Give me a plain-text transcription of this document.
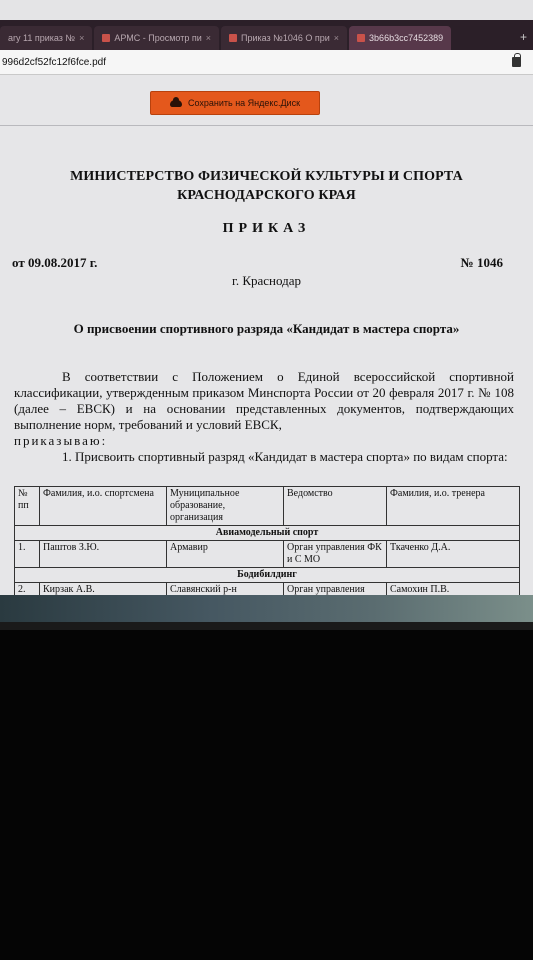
ary 11 приказ № ×	АРМС - Просмотр пи ×	Приказ №1046 О при ×	3b66b3cc7452389	+
996d2cf52fc12f6fce.pdf
Сохранить на Яндекс.Диск
МИНИСТЕРСТВО ФИЗИЧЕСКОЙ КУЛЬТУРЫ И СПОРТА
КРАСНОДАРСКОГО КРАЯ
ПРИКАЗ
от 09.08.2017 г.	№ 1046
г. Краснодар
О присвоении спортивного разряда «Кандидат в мастера спорта»

В соответствии с Положением о Единой всероссийской спортивной классификации, утвержденным приказом Минспорта России от 20 февраля 2017 г. № 108 (далее – ЕВСК) и на основании представленных документов, подтверждающих выполнение норм, требований и условий ЕВСК,
приказываю:

1. Присвоить спортивный разряд «Кандидат в мастера спорта» по видам спорта:

№ пп	Фамилия, и.о. спортсмена	Муниципальное образование, организация	Ведомство	Фамилия, и.о. тренера
Авиамодельный спорт				
1.	Паштов З.Ю.	Армавир	Орган управления ФК и С МО	Ткаченко Д.А.
Бодибилдинг				
2.	Кирзак А.В.	Славянский р-н	Орган управления	Самохин П.В.
